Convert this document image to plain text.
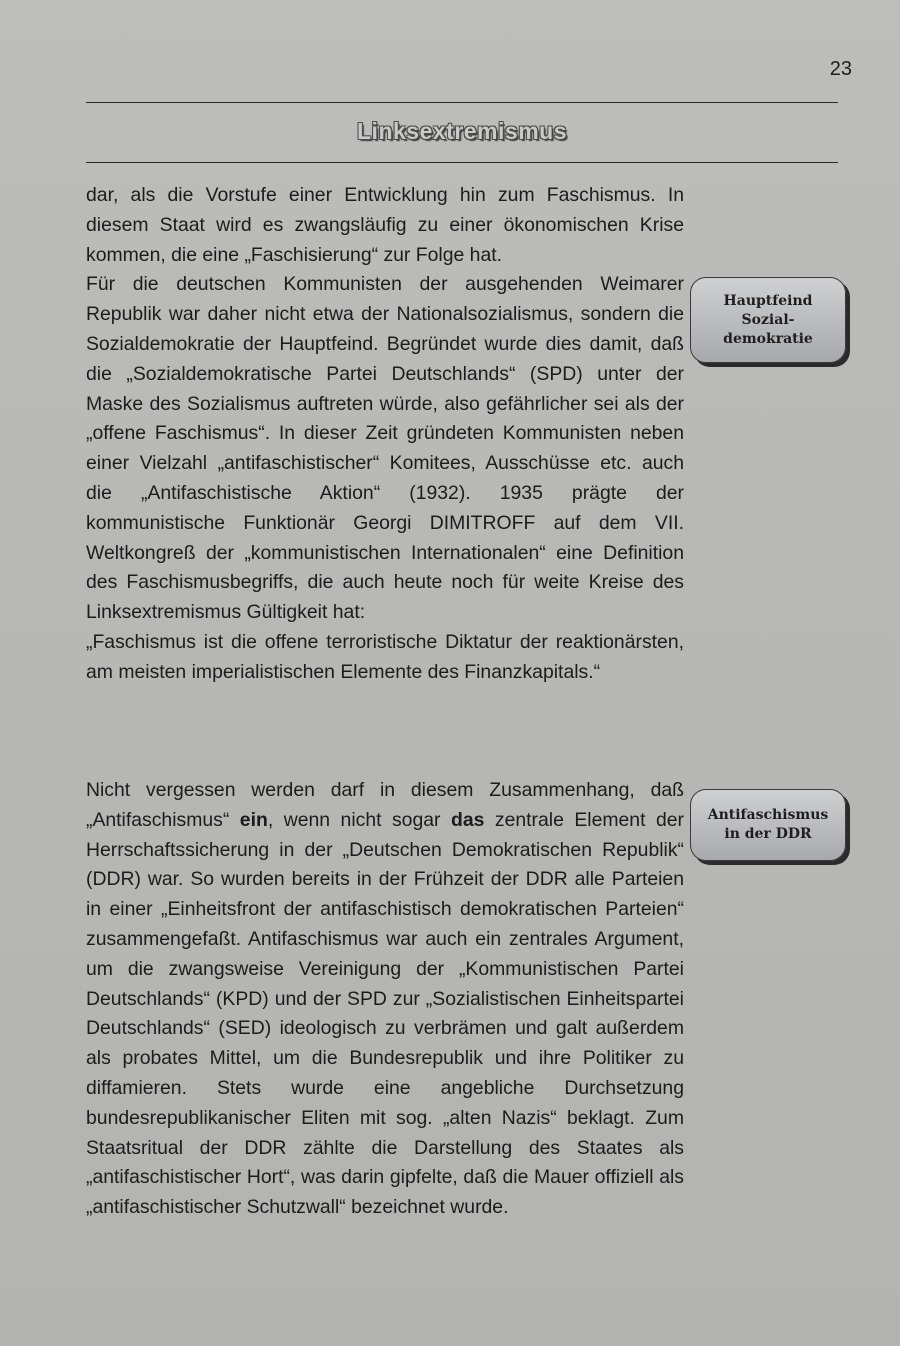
23
Linksextremismus

dar, als die Vorstufe einer Entwicklung hin zum Faschismus. In diesem Staat wird es zwangsläufig zu einer ökonomischen Krise kommen, die eine „Faschisierung“ zur Folge hat.

Für die deutschen Kommunisten der ausgehenden Weimarer Republik war daher nicht etwa der Nationalsozialismus, sondern die Sozialdemokratie der Hauptfeind. Begründet wurde dies damit, daß die „Sozialdemokratische Partei Deutschlands“ (SPD) unter der Maske des Sozialismus auftreten würde, also gefährlicher sei als der „offene Faschismus“. In dieser Zeit gründeten Kommunisten neben einer Vielzahl „antifaschistischer“ Komitees, Ausschüsse etc. auch die „Antifaschistische Aktion“ (1932). 1935 prägte der kommunistische Funktionär Georgi DIMITROFF auf dem VII. Weltkongreß der „kommunistischen Internationalen“ eine Definition des Faschismusbegriffs, die auch heute noch für weite Kreise des Linksextremismus Gültigkeit hat:

„Faschismus ist die offene terroristische Diktatur der reaktionärsten, am meisten imperialistischen Elemente des Finanzkapitals.“

Hauptfeind
Sozial-
demokratie

Nicht vergessen werden darf in diesem Zusammenhang, daß „Antifaschismus“ ein, wenn nicht sogar das zentrale Element der Herrschaftssicherung in der „Deutschen Demokratischen Republik“ (DDR) war. So wurden bereits in der Frühzeit der DDR alle Parteien in einer „Einheitsfront der antifaschistisch demokratischen Parteien“ zusammengefaßt. Antifaschismus war auch ein zentrales Argument, um die zwangsweise Vereinigung der „Kommunistischen Partei Deutschlands“ (KPD) und der SPD zur „Sozialistischen Einheitspartei Deutschlands“ (SED) ideologisch zu verbrämen und galt außerdem als probates Mittel, um die Bundesrepublik und ihre Politiker zu diffamieren. Stets wurde eine angebliche Durchsetzung bundesrepublikanischer Eliten mit sog. „alten Nazis“ beklagt. Zum Staatsritual der DDR zählte die Darstellung des Staates als „antifaschistischer Hort“, was darin gipfelte, daß die Mauer offiziell als „antifaschistischer Schutzwall“ bezeichnet wurde.

Antifaschismus
in der DDR
